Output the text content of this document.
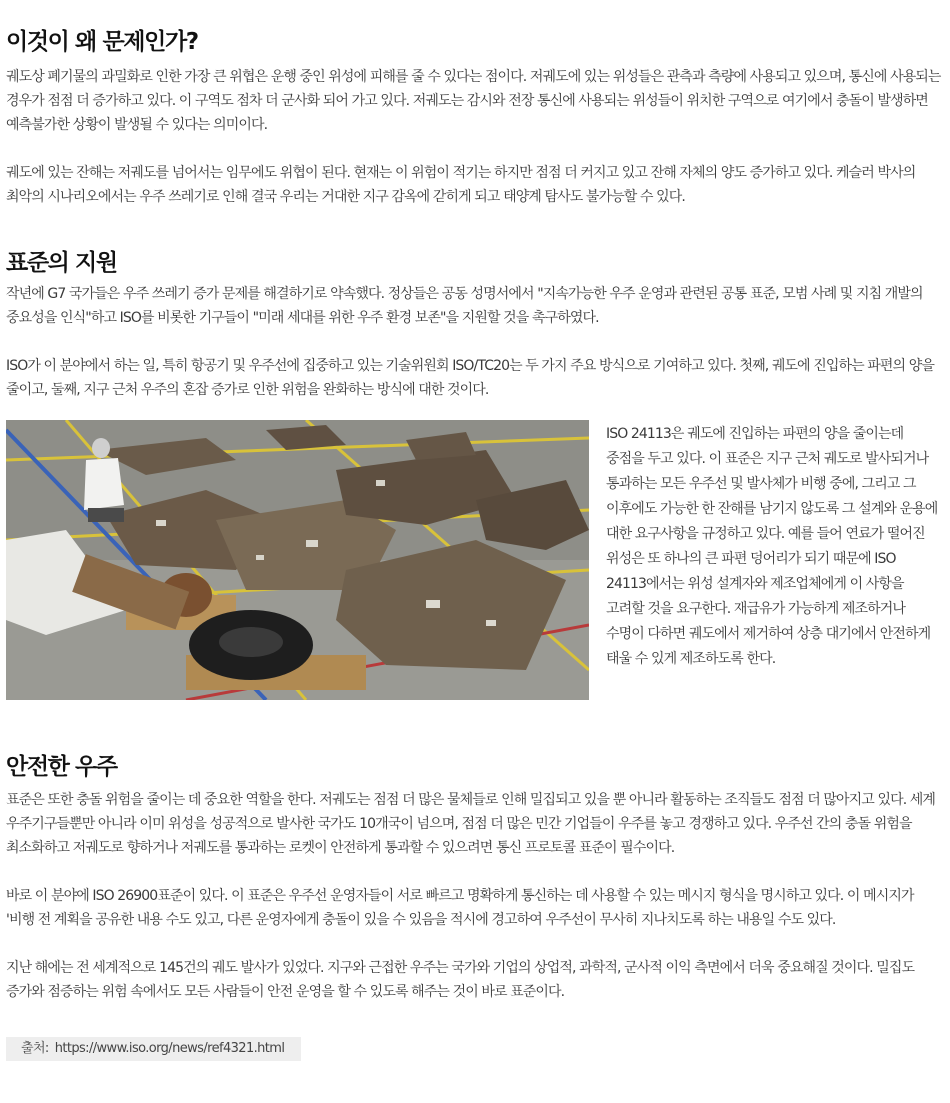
이것이 왜 문제인가?

궤도상 폐기물의 과밀화로 인한 가장 큰 위협은 운행 중인 위성에 피해를 줄 수 있다는 점이다. 저궤도에 있는 위성들은 관측과 측량에 사용되고 있으며, 통신에 사용되는 경우가 점점 더 증가하고 있다. 이 구역도 점차 더 군사화 되어 가고 있다. 저궤도는 감시와 전장 통신에 사용되는 위성들이 위치한 구역으로 여기에서 충돌이 발생하면 예측불가한 상황이 발생될 수 있다는 의미이다.

궤도에 있는 잔해는 저궤도를 넘어서는 임무에도 위협이 된다. 현재는 이 위험이 적기는 하지만 점점 더 커지고 있고 잔해 자체의 양도 증가하고 있다. 케슬러 박사의 최악의 시나리오에서는 우주 쓰레기로 인해 결국 우리는 거대한 지구 감옥에 갇히게 되고 태양계 탐사도 불가능할 수 있다.

표준의 지원

작년에 G7 국가들은 우주 쓰레기 증가 문제를 해결하기로 약속했다. 정상들은 공동 성명서에서 "지속가능한 우주 운영과 관련된 공통 표준, 모범 사례 및 지침 개발의 중요성을 인식"하고 ISO를 비롯한 기구들이 "미래 세대를 위한 우주 환경 보존"을 지원할 것을 촉구하였다.

ISO가 이 분야에서 하는 일, 특히 항공기 및 우주선에 집중하고 있는 기술위원회 ISO/TC20는 두 가지 주요 방식으로 기여하고 있다. 첫째, 궤도에 진입하는 파편의 양을 줄이고, 둘째, 지구 근처 우주의 혼잡 증가로 인한 위험을 완화하는 방식에 대한 것이다.

ISO 24113은 궤도에 진입하는 파편의 양을 줄이는데 중점을 두고 있다. 이 표준은 지구 근처 궤도로 발사되거나 통과하는 모든 우주선 및 발사체가 비행 중에, 그리고 그 이후에도 가능한 한 잔해를 남기지 않도록 그 설계와 운용에 대한 요구사항을 규정하고 있다. 예를 들어 연료가 떨어진 위성은 또 하나의 큰 파편 덩어리가 되기 때문에 ISO 24113에서는 위성 설계자와 제조업체에게 이 사항을 고려할 것을 요구한다. 재급유가 가능하게 제조하거나 수명이 다하면 궤도에서 제거하여 상층 대기에서 안전하게 태울 수 있게 제조하도록 한다.

안전한 우주

표준은 또한 충돌 위험을 줄이는 데 중요한 역할을 한다. 저궤도는 점점 더 많은 물체들로 인해 밀집되고 있을 뿐 아니라 활동하는 조직들도 점점 더 많아지고 있다. 세계 우주기구들뿐만 아니라 이미 위성을 성공적으로 발사한 국가도 10개국이 넘으며, 점점 더 많은 민간 기업들이 우주를 놓고 경쟁하고 있다. 우주선 간의 충돌 위험을 최소화하고 저궤도로 향하거나 저궤도를 통과하는 로켓이 안전하게 통과할 수 있으려면 통신 프로토콜 표준이 필수이다.

바로 이 분야에 ISO 26900표준이 있다. 이 표준은 우주선 운영자들이 서로 빠르고 명확하게 통신하는 데 사용할 수 있는 메시지 형식을 명시하고 있다. 이 메시지가 '비행 전 계획을 공유한 내용 수도 있고, 다른 운영자에게 충돌이 있을 수 있음을 적시에 경고하여 우주선이 무사히 지나치도록 하는 내용일 수도 있다.

지난 해에는 전 세계적으로 145건의 궤도 발사가 있었다. 지구와 근접한 우주는 국가와 기업의 상업적, 과학적, 군사적 이익 측면에서 더욱 중요해질 것이다. 밀집도 증가와 점증하는 위험 속에서도 모든 사람들이 안전 운영을 할 수 있도록 해주는 것이 바로 표준이다.

출처: https://www.iso.org/news/ref4321.html
